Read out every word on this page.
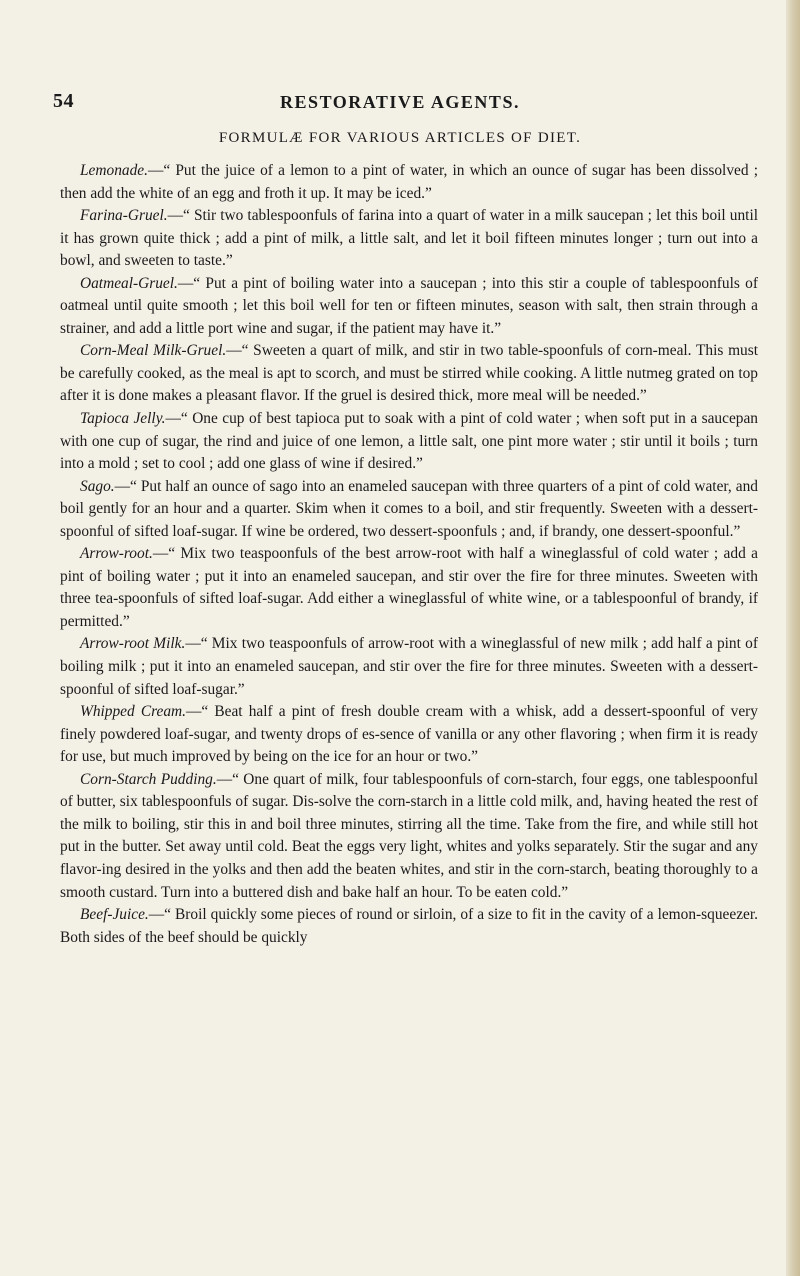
54	RESTORATIVE AGENTS.
FORMULÆ FOR VARIOUS ARTICLES OF DIET.

Lemonade.—“ Put the juice of a lemon to a pint of water, in which an ounce of sugar has been dissolved ; then add the white of an egg and froth it up. It may be iced.”

Farina-Gruel.—“ Stir two tablespoonfuls of farina into a quart of water in a milk saucepan ; let this boil until it has grown quite thick ; add a pint of milk, a little salt, and let it boil fifteen minutes longer ; turn out into a bowl, and sweeten to taste.”

Oatmeal-Gruel.—“ Put a pint of boiling water into a saucepan ; into this stir a couple of tablespoonfuls of oatmeal until quite smooth ; let this boil well for ten or fifteen minutes, season with salt, then strain through a strainer, and add a little port wine and sugar, if the patient may have it.”

Corn-Meal Milk-Gruel.—“ Sweeten a quart of milk, and stir in two table-spoonfuls of corn-meal. This must be carefully cooked, as the meal is apt to scorch, and must be stirred while cooking. A little nutmeg grated on top after it is done makes a pleasant flavor. If the gruel is desired thick, more meal will be needed.”

Tapioca Jelly.—“ One cup of best tapioca put to soak with a pint of cold water ; when soft put in a saucepan with one cup of sugar, the rind and juice of one lemon, a little salt, one pint more water ; stir until it boils ; turn into a mold ; set to cool ; add one glass of wine if desired.”

Sago.—“ Put half an ounce of sago into an enameled saucepan with three quarters of a pint of cold water, and boil gently for an hour and a quarter. Skim when it comes to a boil, and stir frequently. Sweeten with a dessert-spoonful of sifted loaf-sugar. If wine be ordered, two dessert-spoonfuls ; and, if brandy, one dessert-spoonful.”

Arrow-root.—“ Mix two teaspoonfuls of the best arrow-root with half a wineglassful of cold water ; add a pint of boiling water ; put it into an enameled saucepan, and stir over the fire for three minutes. Sweeten with three tea-spoonfuls of sifted loaf-sugar. Add either a wineglassful of white wine, or a tablespoonful of brandy, if permitted.”

Arrow-root Milk.—“ Mix two teaspoonfuls of arrow-root with a wineglassful of new milk ; add half a pint of boiling milk ; put it into an enameled saucepan, and stir over the fire for three minutes. Sweeten with a dessert-spoonful of sifted loaf-sugar.”

Whipped Cream.—“ Beat half a pint of fresh double cream with a whisk, add a dessert-spoonful of very finely powdered loaf-sugar, and twenty drops of es-sence of vanilla or any other flavoring ; when firm it is ready for use, but much improved by being on the ice for an hour or two.”

Corn-Starch Pudding.—“ One quart of milk, four tablespoonfuls of corn-starch, four eggs, one tablespoonful of butter, six tablespoonfuls of sugar. Dis-solve the corn-starch in a little cold milk, and, having heated the rest of the milk to boiling, stir this in and boil three minutes, stirring all the time. Take from the fire, and while still hot put in the butter. Set away until cold. Beat the eggs very light, whites and yolks separately. Stir the sugar and any flavor-ing desired in the yolks and then add the beaten whites, and stir in the corn-starch, beating thoroughly to a smooth custard. Turn into a buttered dish and bake half an hour. To be eaten cold.”

Beef-Juice.—“ Broil quickly some pieces of round or sirloin, of a size to fit in the cavity of a lemon-squeezer. Both sides of the beef should be quickly
